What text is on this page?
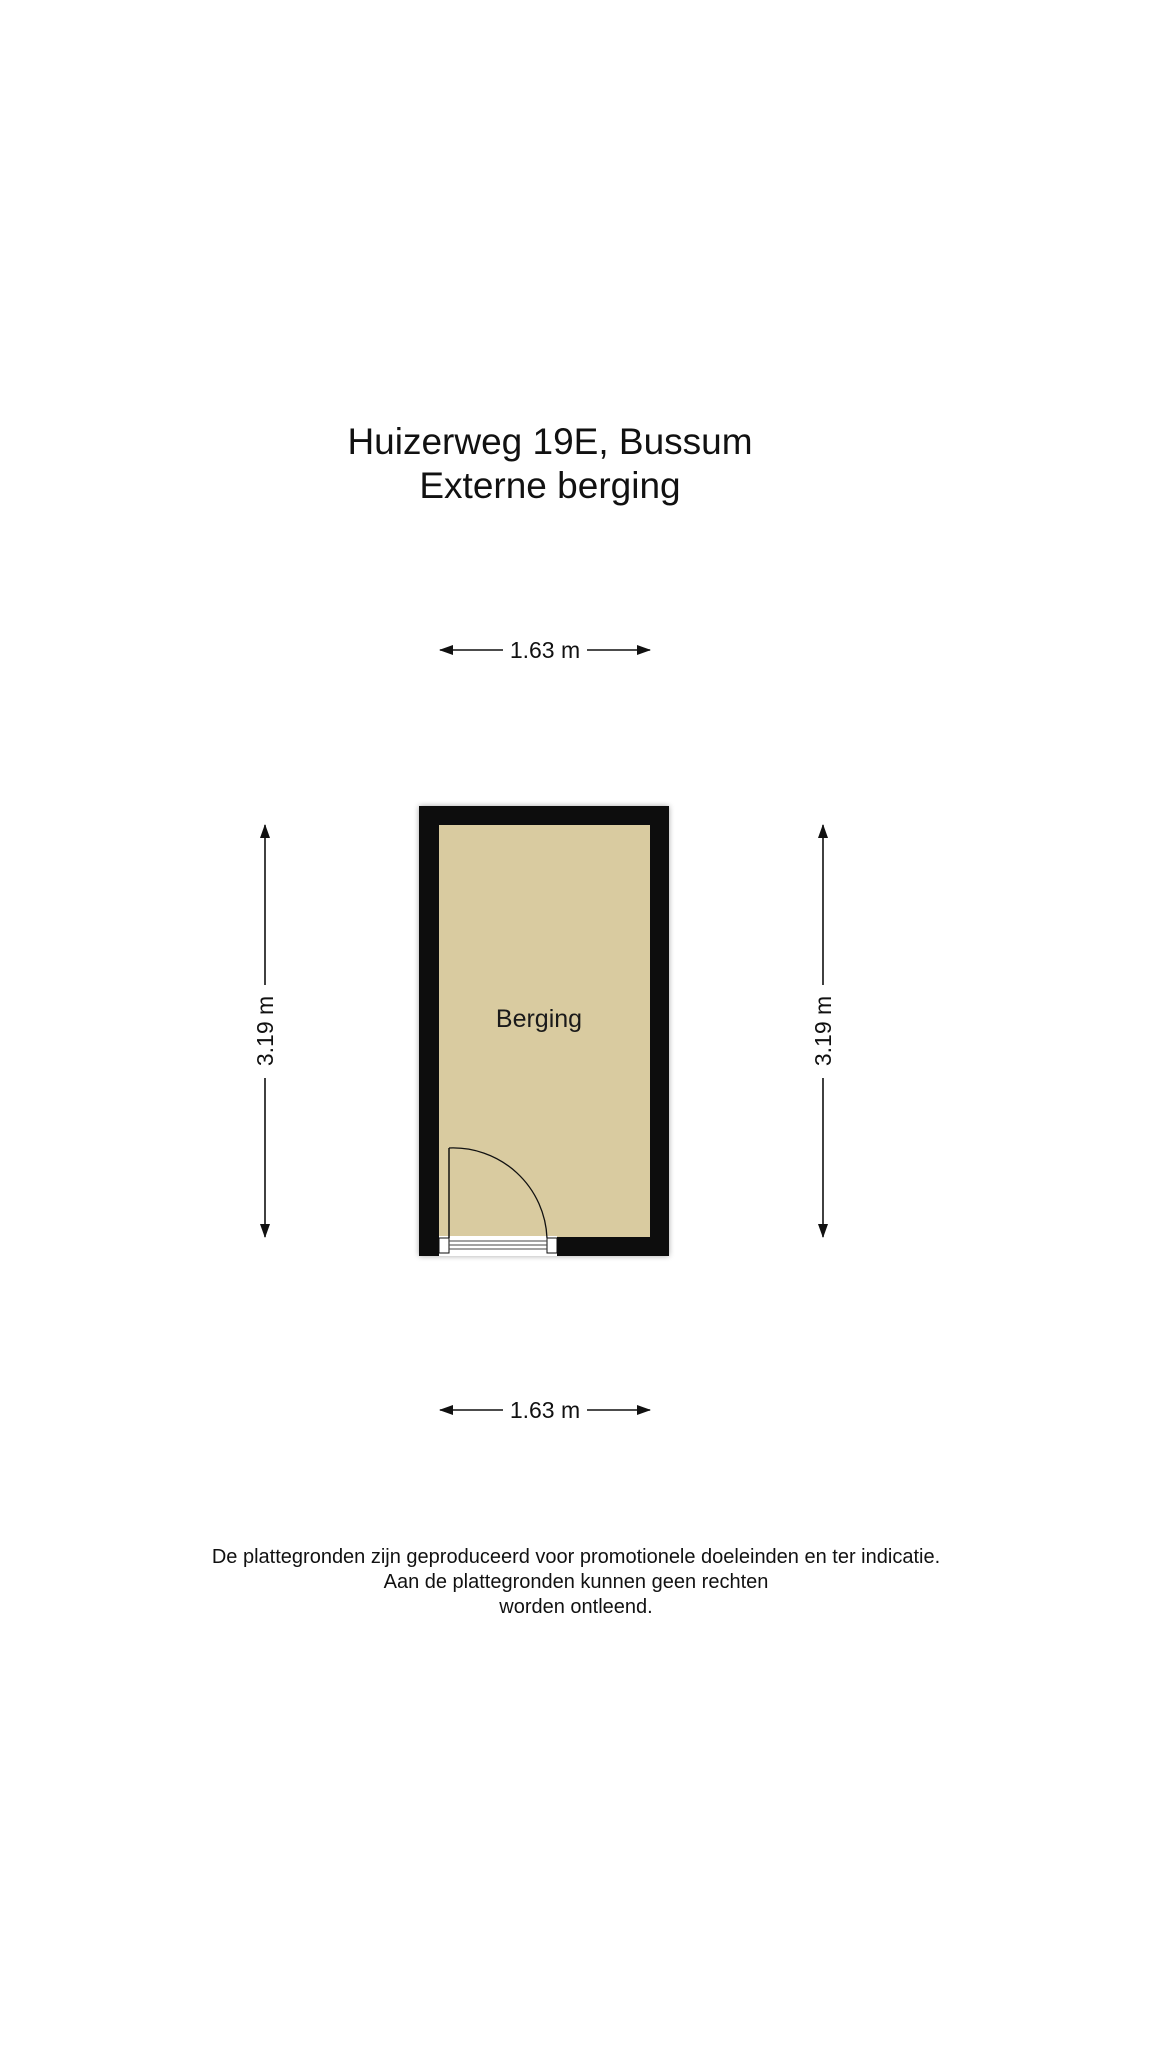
Huizerweg 19E, Bussum
Externe berging
1.63 m
3.19 m	3.19 m
Berging
1.63 m
De plattegronden zijn geproduceerd voor promotionele doeleinden en ter indicatie.
Aan de plattegronden kunnen geen rechten
worden ontleend.
